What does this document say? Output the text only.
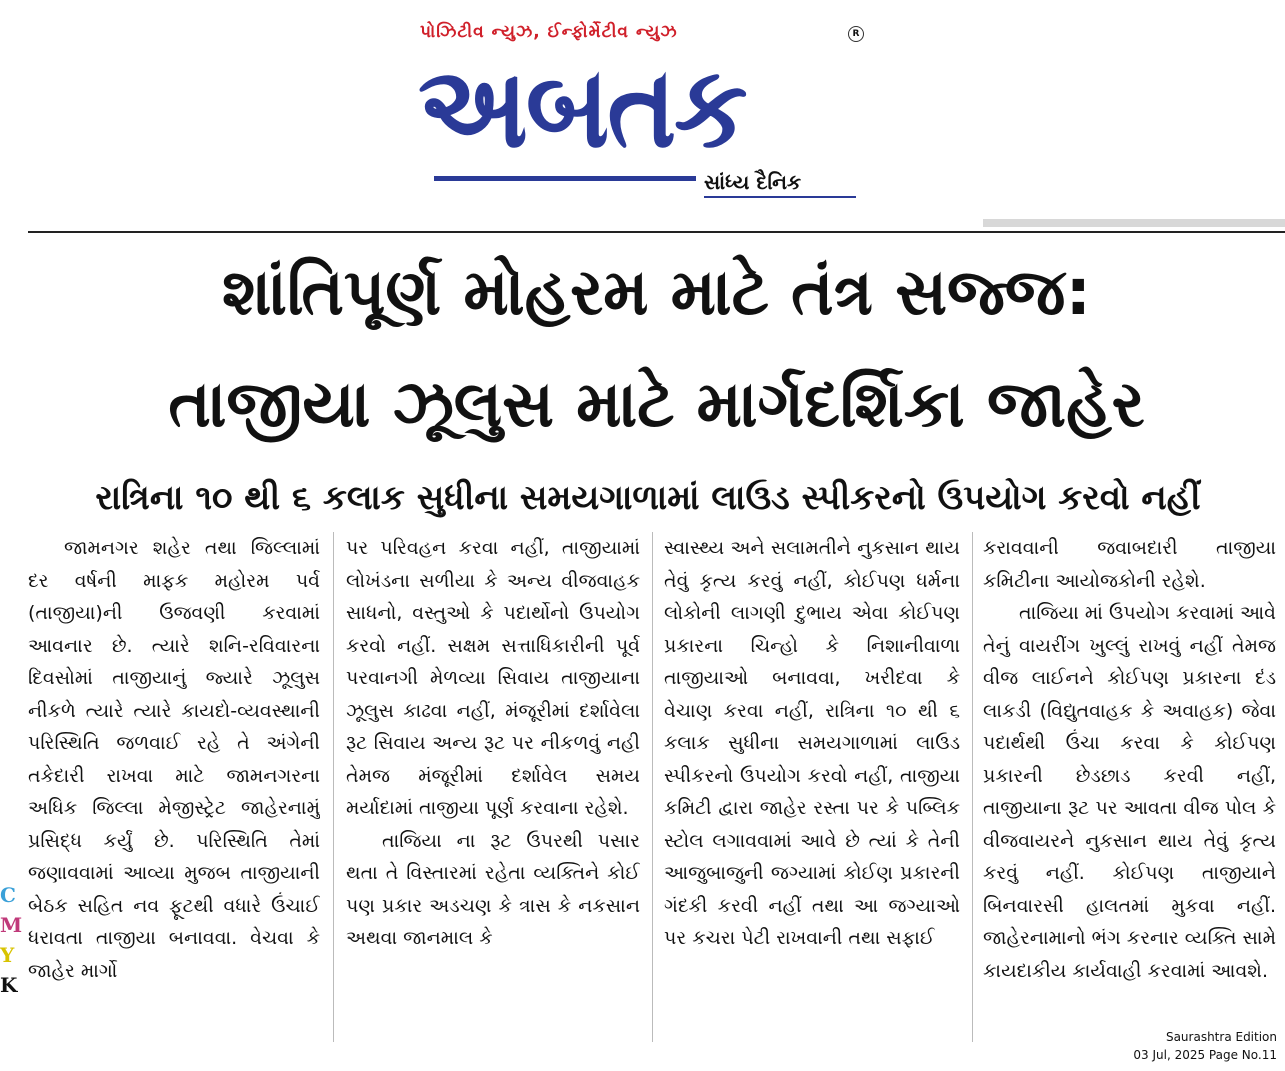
પોઝિટીવ ન્યુઝ, ઈન્ફોર્મેટીવ ન્યુઝ	R
અબતક
સાંધ્ય દૈનિક
શાંતિપૂર્ણ મોહરમ માટે તંત્ર સજ્જ:
તાજીયા ઝૂલુસ માટે માર્ગદર્શિકા જાહેર
રાત્રિના ૧૦ થી ૬ કલાક સુધીના સમયગાળામાં લાઉડ સ્પીકરનો ઉપયોગ કરવો નહીં

જામનગર શહેર તથા જિલ્લામાં દર વર્ષની માફક મહોરમ પર્વ (તાજીયા)ની ઉજવણી કરવામાં આવનાર છે. ત્યારે શનિ-રવિવારના દિવસોમાં તાજીયાનું જ્યારે ઝૂલુસ નીકળે ત્યારે ત્યારે કાયદો-વ્યવસ્થાની પરિસ્થિતિ જળવાઈ રહે તે અંગેની તકેદારી રાખવા માટે જામનગરના અધિક જિલ્લા મેજીસ્ટ્રેટ જાહેરનામું પ્રસિદ્ધ કર્યું છે. પરિસ્થિતિ તેમાં જણાવવામાં આવ્યા મુજબ તાજીયાની બેઠક સહિત નવ ફૂટથી વધારે ઉંચાઈ ધરાવતા તાજીયા બનાવવા. વેચવા કે જાહેર માર્ગો

પર પરિવહન કરવા નહીં, તાજીયામાં લોખંડના સળીયા કે અન્ય વીજવાહક સાધનો, વસ્તુઓ કે પદાર્થોનો ઉપયોગ કરવો નહીં. સક્ષમ સત્તાધિકારીની પૂર્વ પરવાનગી મેળવ્યા સિવાય તાજીયાના ઝૂલુસ કાઢવા નહીં, મંજૂરીમાં દર્શાવેલા રૂટ સિવાય અન્ય રૂટ પર નીકળવું નહી તેમજ મંજૂરીમાં દર્શાવેલ સમય મર્યાદામાં તાજીયા પૂર્ણ કરવાના રહેશે.

તાજિયા ના રૂટ ઉપરથી પસાર થતા તે વિસ્તારમાં રહેતા વ્યક્તિને કોઈ પણ પ્રકાર અડચણ કે ત્રાસ કે નકસાન અથવા જાનમાલ કે

સ્વાસ્થ્ય અને સલામતીને નુકસાન થાય તેવું કૃત્ય કરવું નહીં, કોઈપણ ધર્મના લોકોની લાગણી દુભાય એવા કોઈપણ પ્રકારના ચિન્હો કે નિશાનીવાળા તાજીયાઓ બનાવવા, ખરીદવા કે વેચાણ કરવા નહીં, રાત્રિના ૧૦ થી ૬ કલાક સુધીના સમયગાળામાં લાઉડ સ્પીકરનો ઉપયોગ કરવો નહીં, તાજીયા કમિટી દ્વારા જાહેર રસ્તા પર કે પબ્લિક સ્ટોલ લગાવવામાં આવે છે ત્યાં કે તેની આજુબાજુની જગ્યામાં કોઈણ પ્રકારની ગંદકી કરવી નહીં તથા આ જગ્યાઓ પર કચરા પેટી રાખવાની તથા સફાઈ

કરાવવાની જવાબદારી તાજીયા કમિટીના આયોજકોની રહેશે.

તાજિયા માં ઉપયોગ કરવામાં આવે તેનું વાયરીંગ ખુલ્લું રાખવું નહીં તેમજ વીજ લાઈનને કોઈપણ પ્રકારના દંડ લાકડી (વિદ્યુતવાહક કે અવાહક) જેવા પદાર્થથી ઉંચા કરવા કે કોઈપણ પ્રકારની છેડછાડ કરવી નહીં, તાજીયાના રૂટ પર આવતા વીજ પોલ કે વીજવાયરને નુકસાન થાય તેવું કૃત્ય કરવું નહીં. કોઈપણ તાજીયાને બિનવારસી હાલતમાં મુકવા નહીં. જાહેરનામાનો ભંગ કરનાર વ્યક્તિ સામે કાયદાકીય કાર્યવાહી કરવામાં આવશે.

C
M
Y
K
Saurashtra Edition
03 Jul, 2025 Page No.11
